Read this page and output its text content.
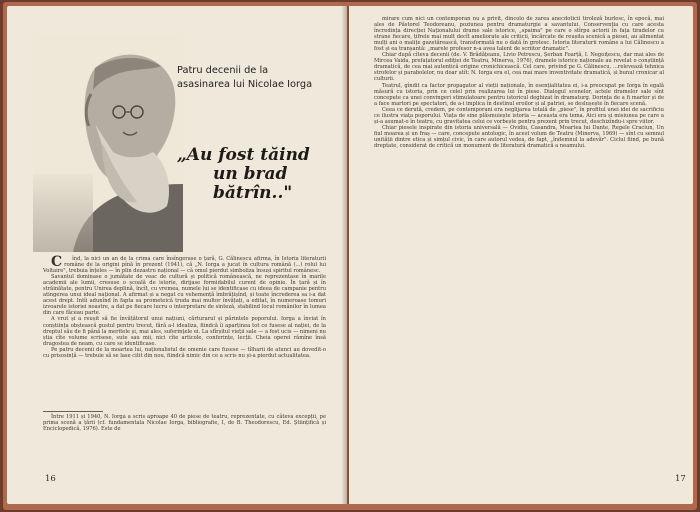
Patru decenii de la
asasinarea lui Nicolae Iorga
„Au fost tăind
un brad bătrîn.."

Cînd, la nici un an de la crima care însîngerase o țară, G. Călinescu afirma, în Istoria literaturii române de la origini pînă în prezent (1941), că „N. Iorga a jucat în cultura română (...) rolul lui Voltaire", trebuia înțeles — în plin dezastru național — că omul pierdut simboliza însuși spiritul românesc.

Savantul dominase o jumătate de veac de cultură și politică românească, ne reprezentase în marile academii ale lumii, cresuse o școală de istorie, dirijase formidabilul curent de opinie. În țară și în străinătate, pentru Unirea deplină, încît, cu vremea, numele lui se identificase cu ideea de campanie pentru atingerea unui ideal național. A afirmat și a negat cu vehemență îmbrățișînd, și toate încrederea sa i-a dat acest drept. Intîi adunînd în fapta sa prometeică truda mai multor învățați, a editat, în numeroase tomuri izvoarele istoriei noastre, a dat pe fiecare lucru o interpretare de sinteză, stabilind locul românilor în lumea din care făceau parte.

A vrut și a reușit să fie învățătorul unui națiuni, cărturarul și părintele poporului. Iorga a înviat în conștiința obștească gustul pentru trecut, fără a-l idealiza, fiindcă îi aparținea tot ce fusese al nației, de la dreptul său de fi până la meritele și, mai ales, suferințele ei. La sfîrșitul vieții sale — a fost ucis — nimeni nu știa cîte volume scrisese, sute sau mii, nici cîte articole, conferințe, lecții. Cheia operei rămîne însă dragostea de neam, cu care se identificase.

Pe patru decenii de la moartea lui, naționalistul de omenie care fusese — tîlharii de atunci au dovedit-o cu prisosință — trebuie să se lase citit din nou, fiindcă nimic din ce a scris nu și-a pierdut actualitatea.

Între 1911 și 1940, N. Iorga a scris aproape 40 de piese de teatru, reprezentate, cu câteva excepții, pe prima scenă a țării (cf. fundamentala Nicolae Iorga, bibliografie, I, de B. Theodorescu, Ed. Științifică și Enciclopedică, 1976). Este de

16

mirare cum nici un contemporan nu a privit, dincolo de zarea anecdoticii tiroleză burlesc, în epocă, mai ales de Păstorel Teodoreanu, poziunea pentru dramaturgie a savantului. Conservenția cu care acesta încredința direcției Naționalului drame sale istorice, „spaima" pe care o stîrpu actorii în fața tiradelor cu strane fiecare, țifrele mai mult decît ameliorate ale criticii, încărcate de reușita scenică a piesei, au alimentat mulți ani o malițe gazetărească, transformată nu o dată în grotesc. Istoria literaturii române a lui Călinescu a fost și ea tranșantă: „marele profesor n-a avea talent de scriitor dramatic".

Chiar după cîteva decenii (de. V. Brădățeanu, Livio Petrescu, Șerban Foarță, I. Negoițescu, dar mai ales de Mircea Vaida, prefațatorul ediției de Teatru, Minerva, 1976), dramele istorice naționale au revelat o conștiință dramatică, de cea mai autentică origine cronichicească. Cel care, privind pe G. Călinescu, ...relevează tehnica strofelor și parabolelor, nu doar atît: N. Iorga era el, cea mai mare inventivitate dramatică, și bunul cronicar al culturii.

Teatrul, gîndit ca factor propagator al vieții naționale, în esențialitatea ei, i-a preocupat pe Iorga în egală măsură cu istoria, prin ce celel prin realizarea lui în piese. Dialogul scenelor, actele dramelor sale sînt concepute ca unei convingeri stimulatoare pentru istoricul deghizat în dramaturg. Dorința de a fi martor și de a face martori pe spectatori, de a-i implica în destinul eroilor și al patriei, se deslușește în fiecare scenă.

Ceea ce derută, credem, pe contemporani era neglijarea totală de „piese", în profitul unei idei de sacrificiu ce ilustra viața poporului. Viața de sine plăsmuiește istoria — aceasta era tema. Aici era și misiunea pe care a și-a asumat-o în teatru, cu gravitatea celui ce vorbește pentru prezent prin trecut, deschizîndu-i spre viitor.

Chiar piesele inspirate din istoria universală — Ovidiu, Casandra, Moartea lui Dante, Regele Craciun, Un fiul moarea și un fraș — care, concepute antologic, în acest volum de Teatru (Minerva, 1969) — sînt cu semnul unității dintre etica și simțul civic, în care autorul vedea, de fapt, „îndemnul la adevăr". Ciclul fiind, pe bună dreptate, considerat de critică un monument de literatură dramatică a neamului.

17
